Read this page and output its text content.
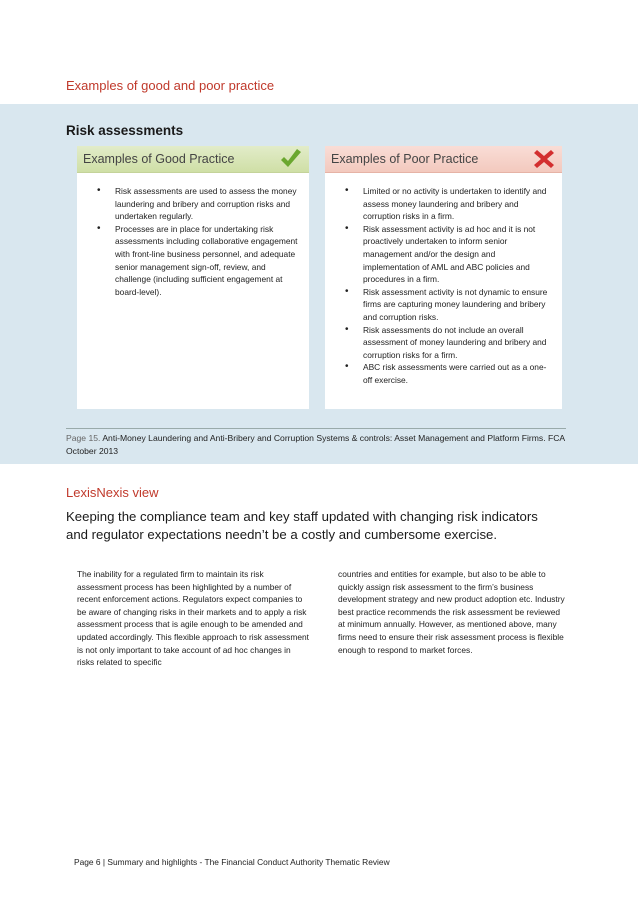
Examples of good and poor practice
Risk assessments
Examples of Good Practice
• Risk assessments are used to assess the money laundering and bribery and corruption risks and undertaken regularly.
• Processes are in place for undertaking risk assessments including collaborative engagement with front-line business personnel, and adequate senior management sign-off, review, and challenge (including sufficient engagement at board-level).
Examples of Poor Practice
• Limited or no activity is undertaken to identify and assess money laundering and bribery and corruption risks in a firm.
• Risk assessment activity is ad hoc and it is not proactively undertaken to inform senior management and/or the design and implementation of AML and ABC policies and procedures in a firm.
• Risk assessment activity is not dynamic to ensure firms are capturing money laundering and bribery and corruption risks.
• Risk assessments do not include an overall assessment of money laundering and bribery and corruption risks for a firm.
• ABC risk assessments were carried out as a one-off exercise.
Page 15. Anti-Money Laundering and Anti-Bribery and Corruption Systems & controls: Asset Management and Platform Firms. FCA October 2013
LexisNexis view
Keeping the compliance team and key staff updated with changing risk indicators and regulator expectations needn’t be a costly and cumbersome exercise.
The inability for a regulated firm to maintain its risk assessment process has been highlighted by a number of recent enforcement actions. Regulators expect companies to be aware of changing risks in their markets and to apply a risk assessment process that is agile enough to be amended and updated accordingly. This flexible approach to risk assessment is not only important to take account of ad hoc changes in risks related to specific
countries and entities for example, but also to be able to quickly assign risk assessment to the firm’s business development strategy and new product adoption etc. Industry best practice recommends the risk assessment be reviewed at minimum annually. However, as mentioned above, many firms need to ensure their risk assessment process is flexible enough to respond to market forces.
Page 6 | Summary and highlights - The Financial Conduct Authority Thematic Review
